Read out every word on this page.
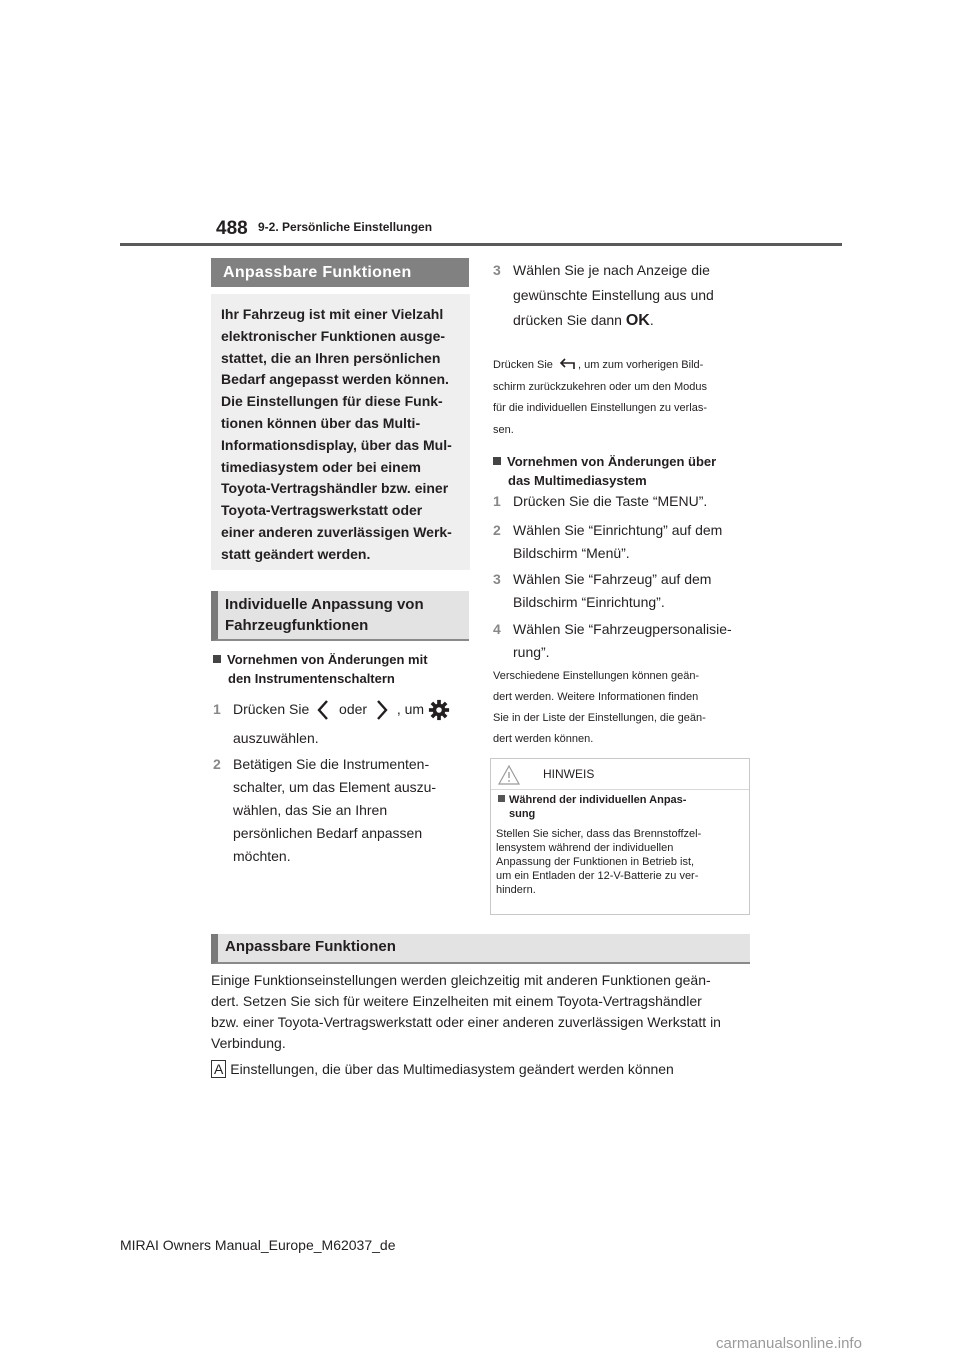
488 9-2. Persönliche Einstellungen
Anpassbare Funktionen
Ihr Fahrzeug ist mit einer Vielzahl
elektronischer Funktionen ausge-
stattet, die an Ihren persönlichen
Bedarf angepasst werden können.
Die Einstellungen für diese Funk-
tionen können über das Multi-
Informationsdisplay, über das Mul-
timediasystem oder bei einem
Toyota-Vertragshändler bzw. einer
Toyota-Vertragswerkstatt oder
einer anderen zuverlässigen Werk-
statt geändert werden.
Individuelle Anpassung von
Fahrzeugfunktionen
Vornehmen von Änderungen mit
den Instrumentenschaltern
1 Drücken Sie oder , um
auszuwählen.
2 Betätigen Sie die Instrumenten-
schalter, um das Element auszu-
wählen, das Sie an Ihren
persönlichen Bedarf anpassen
möchten.
3 Wählen Sie je nach Anzeige die
gewünschte Einstellung aus und
drücken Sie dann OK.
Drücken Sie , um zum vorherigen Bild-
schirm zurückzukehren oder um den Modus
für die individuellen Einstellungen zu verlas-
sen.
Vornehmen von Änderungen über
das Multimediasystem
1 Drücken Sie die Taste “MENU”.
2 Wählen Sie “Einrichtung” auf dem
Bildschirm “Menü”.
3 Wählen Sie “Fahrzeug” auf dem
Bildschirm “Einrichtung”.
4 Wählen Sie “Fahrzeugpersonalisie-
rung”.
Verschiedene Einstellungen können geän-
dert werden. Weitere Informationen finden
Sie in der Liste der Einstellungen, die geän-
dert werden können.
HINWEIS
Während der individuellen Anpas-
sung
Stellen Sie sicher, dass das Brennstoffzel-
lensystem während der individuellen
Anpassung der Funktionen in Betrieb ist,
um ein Entladen der 12-V-Batterie zu ver-
hindern.
Anpassbare Funktionen
Einige Funktionseinstellungen werden gleichzeitig mit anderen Funktionen geän-
dert. Setzen Sie sich für weitere Einzelheiten mit einem Toyota-Vertragshändler
bzw. einer Toyota-Vertragswerkstatt oder einer anderen zuverlässigen Werkstatt in
Verbindung.
A Einstellungen, die über das Multimediasystem geändert werden können
MIRAI Owners Manual_Europe_M62037_de
carmanualsonline.info
